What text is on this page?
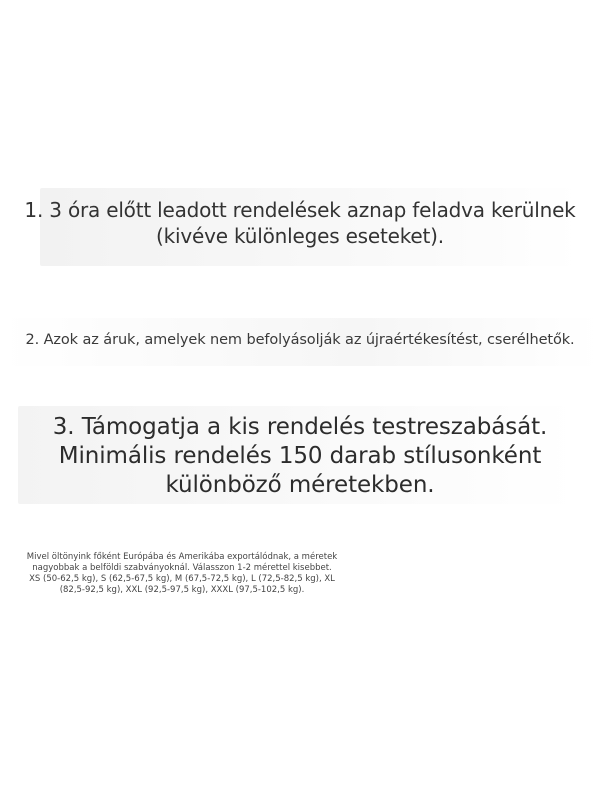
1. 3 óra előtt leadott rendelések aznap feladva kerülnek
(kivéve különleges eseteket).
2. Azok az áruk, amelyek nem befolyásolják az újraértékesítést, cserélhetők.
3. Támogatja a kis rendelés testreszabását.
Minimális rendelés 150 darab stílusonként
különböző méretekben.
Mivel öltönyink főként Európába és Amerikába exportálódnak, a méretek
nagyobbak a belföldi szabványoknál. Válasszon 1-2 mérettel kisebbet.
XS (50-62,5 kg), S (62,5-67,5 kg), M (67,5-72,5 kg), L (72,5-82,5 kg), XL
(82,5-92,5 kg), XXL (92,5-97,5 kg), XXXL (97,5-102,5 kg).
